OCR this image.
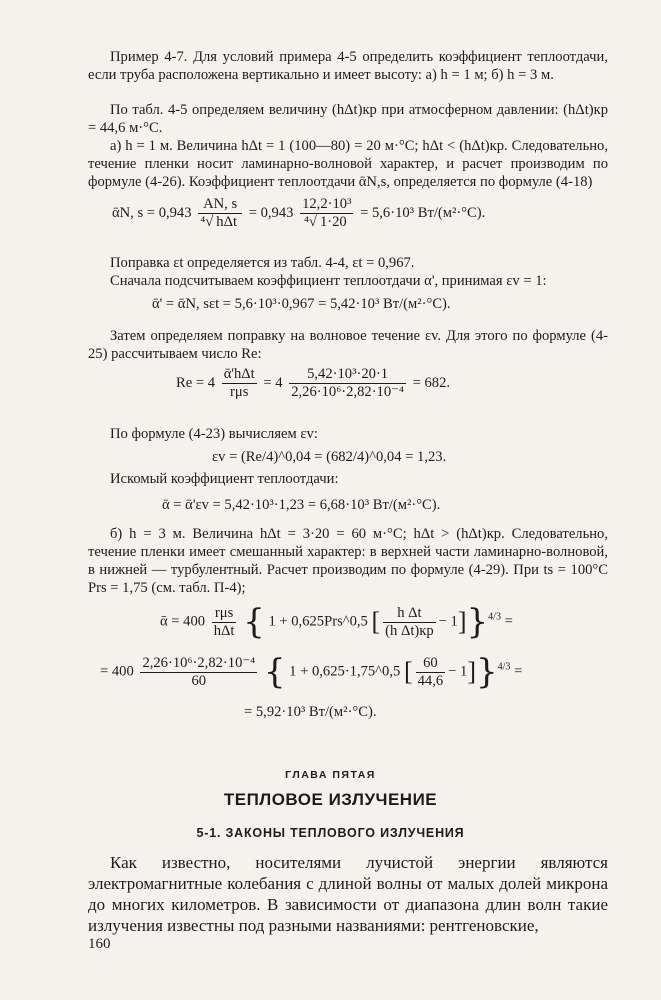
Пример 4-7. Для условий примера 4-5 определить коэффициент теплоотдачи, если труба расположена вертикально и имеет высоту: а) h = 1 м; б) h = 3 м.

По табл. 4-5 определяем величину (hΔt)кр при атмосферном давлении: (hΔt)кр = 44,6 м·°С.

а) h = 1 м. Величина hΔt = 1 (100—80) = 20 м·°С; hΔt < (hΔt)кр. Следовательно, течение пленки носит ламинарно-волновой характер, и расчет производим по формуле (4-26). Коэффициент теплоотдачи ᾱN,s, определяется по формуле (4-18)

ᾱN, $s = 0,943 \frac{AN, s}{\text{⁴√ hΔt}} = 0,943 \frac{\text{12,2·10³}}{\text{⁴√ 1·20}} = 5,6\cdot 10^3$ Вт/(м²·°С).

Поправка εt определяется из табл. 4-4, εt = 0,967.

Сначала подсчитываем коэффициент теплоотдачи α', принимая εv = 1:

ᾱ' = ᾱN, sεt = 5,6·10³·0,967 = 5,42·10³ Вт/(м²·°С).

Затем определяем поправку на волновое течение εv. Для этого по формуле (4-25) рассчитываем число Re:

$Re = 4 \frac{\text{ᾱ'hΔt}}{\text{rμs}} = 4 \frac{\text{5,42·10³·20·1}}{\text{2,26·10⁶·2,82·10⁻⁴}} = 682$.

По формуле (4-23) вычисляем εv:

εv = (Re/4)^0,04 = (682/4)^0,04 = 1,23.

Искомый коэффициент теплоотдачи:

ᾱ = ᾱ'εv = 5,42·10³·1,23 = 6,68·10³ Вт/(м²·°С).

б) h = 3 м. Величина hΔt = 3·20 = 60 м·°С; hΔt > (hΔt)кр. Следовательно, течение пленки имеет смешанный характер: в верхней части ламинарно-волновой, в нижней — турбулентный. Расчет производим по формуле (4-29). При ts = 100°С Prs = 1,75 (см. табл. П-4);

ᾱ = $400 \frac{\text{rμs}}{\text{hΔt}}$ { 1 + 0,625Prs^0,5 [ $\frac{\text{h Δt}}{\text{(h Δt)кр}} - 1]\}^{4/3}$ =
= $400 \frac{\text{2,26·10⁶·2,82·10⁻⁴}}{60}$ { 1 + 0,625·1,75^0,5 [ $\frac{60}{44,6} - 1]\}^{4/3}$ =
= 5,92·10³ Вт/(м²·°С).
ГЛАВА ПЯТАЯ
ТЕПЛОВОЕ ИЗЛУЧЕНИЕ
5-1. ЗАКОНЫ ТЕПЛОВОГО ИЗЛУЧЕНИЯ

Как известно, носителями лучистой энергии являются электромагнитные колебания с длиной волны от малых долей микрона до многих километров. В зависимости от диапазона длин волн такие излучения известны под разными названиями: рентгеновские,

160
